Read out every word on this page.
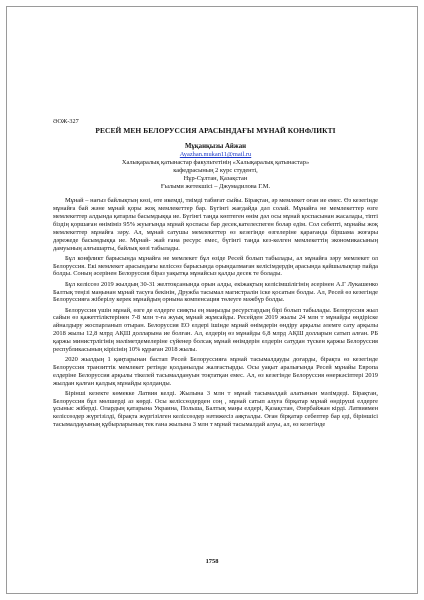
ӘОЖ-327

РЕСЕЙ МЕН БЕЛОРУССИЯ АРАСЫНДАҒЫ МҰНАЙ КОНФЛИКТІ
Мұқанқызы Айжан
Ayazhan.mukan11@mail.ru
Халықаралық қатынастар факультетінің «Халықаралық қатынастар»
кафедрасының 2 курс студенті,
Нұр-Сұлтан, Қазақстан
Ғылыми жетекшісі – Джумадилова Г.М.

Мұнай – нағыз байлықтың көзі, өте икемді, тиімді табиғат сыйы. Бірақтан, әр мемлекет оған ие емес. Өз кезегінде мұнайға бай және мұнай қоры жоқ мемлекеттер бар. Бүгінгі жағдайда дәл солай. Мұнайға не мемлекеттер өзге мемлекеттер алдында қатарлы басымдыққа ие. Бүгінгі таңда көптеген өнім дәл осы мұнай қоспасынан жасалады, тіпті біздің қоршаған өніміміз 95% жуығында мұнай қоспасы бар десек,кателеспеген болар едім. Сол себепті, мұнайы жоқ мемлекеттер мұнайға зәру. Ал, мұнай сатушы мемлекеттер өз кезегінде өзгелеріне қарағанда біршама жоғары дәрежеде басымдыққа ие. Мұнай- жай ғана ресурс емес, бүгінгі таңда кез-келген мемлекеттің экономикасының дамуының алғышарты, байлық көзі табылады.

Бұл конфликт барысында мұнайға не мемлекет бұл өзіде Ресей болып табылады, ал мұнайға зәру мемлекет ол Белоруссия. Екі мемлекет арасындағы келіссөз барысында орындалмаған келісімдердің арасында қайшылықтар пайда болды. Соның әсерінен Белоруссия біраз уақытқа мұнайсыз қалды десек те болады.

Бұл келіссөз 2019 жылдың 30-31 желтоқсанында орын алды, екіжақтың келісімшілігінің әсерінен А.Г Лукашенко Балтық теңізі маңынан мұнай тасуға бекінін, Дружба тасымал магистралін іске қосатын болды. Ал, Ресей өз кезегінде Белоруссияға жіберілу керек мұнайдың орнына компенсация төлеуге мәжбүр болды.

Белоруссия үшін мұнай, өзге де елдерге сияқты ең маңызды ресурстардың бірі болып табылады. Белоруссия жыл сайын өз қажеттіліктерінен 7-8 млн т-ға жуық мұнай жұмсайды. Ресейден 2019 жылы 24 млн т мұнайды өндіріске айналдыру жоспарланып отыран. Белоруссия ЕО елдері ішінде мұнай өнімдерін өндіру арқылы әлемге сату арқылы 2018 жылы 12,8 млрд АҚШ долларына ие болған. Ал, елдерің өз мұнайды 6,8 млрд АҚШ долларын сатып алған. РБ қаржы министрлігінің мәліметдемелеріне сүйенер болсақ мұнай өнімдерін елдерін сатудан түскен қаржы Белоруссия республикасының кірісінің 10% құраған 2018 жылы.

2020 жылдың 1 қаңтарынан бастап Ресей Белоруссияға мұнай тасымалдауды доғарды, бірақта өз кезегінде Белоруссия транзиттік мемлекет ретінде қолданылды жалғастырды. Осы уақыт аралығында Ресей мұнайы Европа елдеріне Белоруссия арқылы тікелей тасымалдануын тоқтатқан емес. Ал, өз кезегінде Белоруссия өнеркәсіптері 2019 жылдан қалған қалдық мұнайды қолданды.

Бірінші кезекте көмекке Латвия келді. Жылына 3 млн т мұнай тасымалдай алатынын мәлімдеді. Бірақтан, Белоруссия бұл мөлшерді аз көрді. Осы келіссөздерден соң , мұнай сатып алуға бірқатар мұнай өндіруші елдерге ұсыныс жіберді. Олардың қатарына Украина, Польша, Балтық маңы елдері, Қазақстан, Әзербайжан кірді. Латвиямен келіссөздер жүргізілді, бірақта жүргізілген келіссөздер нәтижесіз аяқталды. Оған бірқатар себептер бар еді, біріншісі тасымалдауының құбырларының тек ғана жылына 3 млн т мұнай тасымалдай алуы, ал, өз кезегінде

1758
